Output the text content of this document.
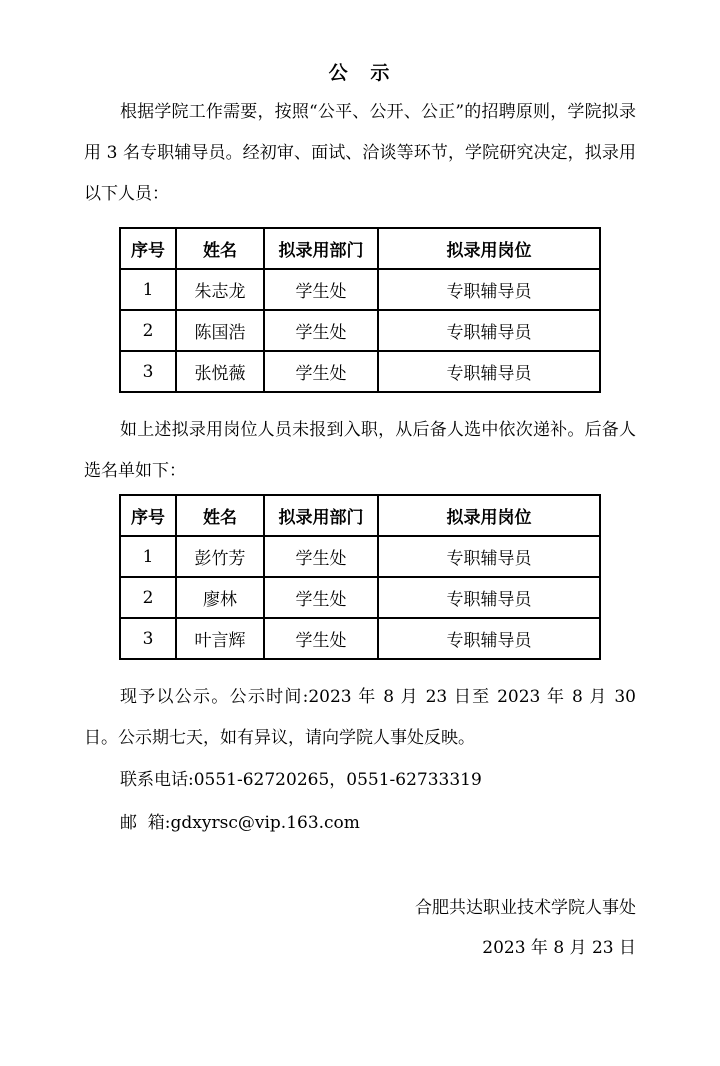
公 示
根据学院工作需要，按照“公平、公开、公正”的招聘原则，学院拟录用 3 名专职辅导员。经初审、面试、洽谈等环节，学院研究决定，拟录用以下人员：
序号	姓名	拟录用部门	拟录用岗位
1	朱志龙	学生处	专职辅导员
2	陈国浩	学生处	专职辅导员
3	张悦薇	学生处	专职辅导员
如上述拟录用岗位人员未报到入职，从后备人选中依次递补。后备人选名单如下：
序号	姓名	拟录用部门	拟录用岗位
1	彭竹芳	学生处	专职辅导员
2	廖林	学生处	专职辅导员
3	叶言辉	学生处	专职辅导员
现予以公示。公示时间:2023 年 8 月 23 日至 2023 年 8 月 30 日。公示期七天，如有异议，请向学院人事处反映。
联系电话:0551-62720265，0551-62733319
邮  箱:gdxyrsc@vip.163.com
合肥共达职业技术学院人事处
2023 年 8 月 23 日
